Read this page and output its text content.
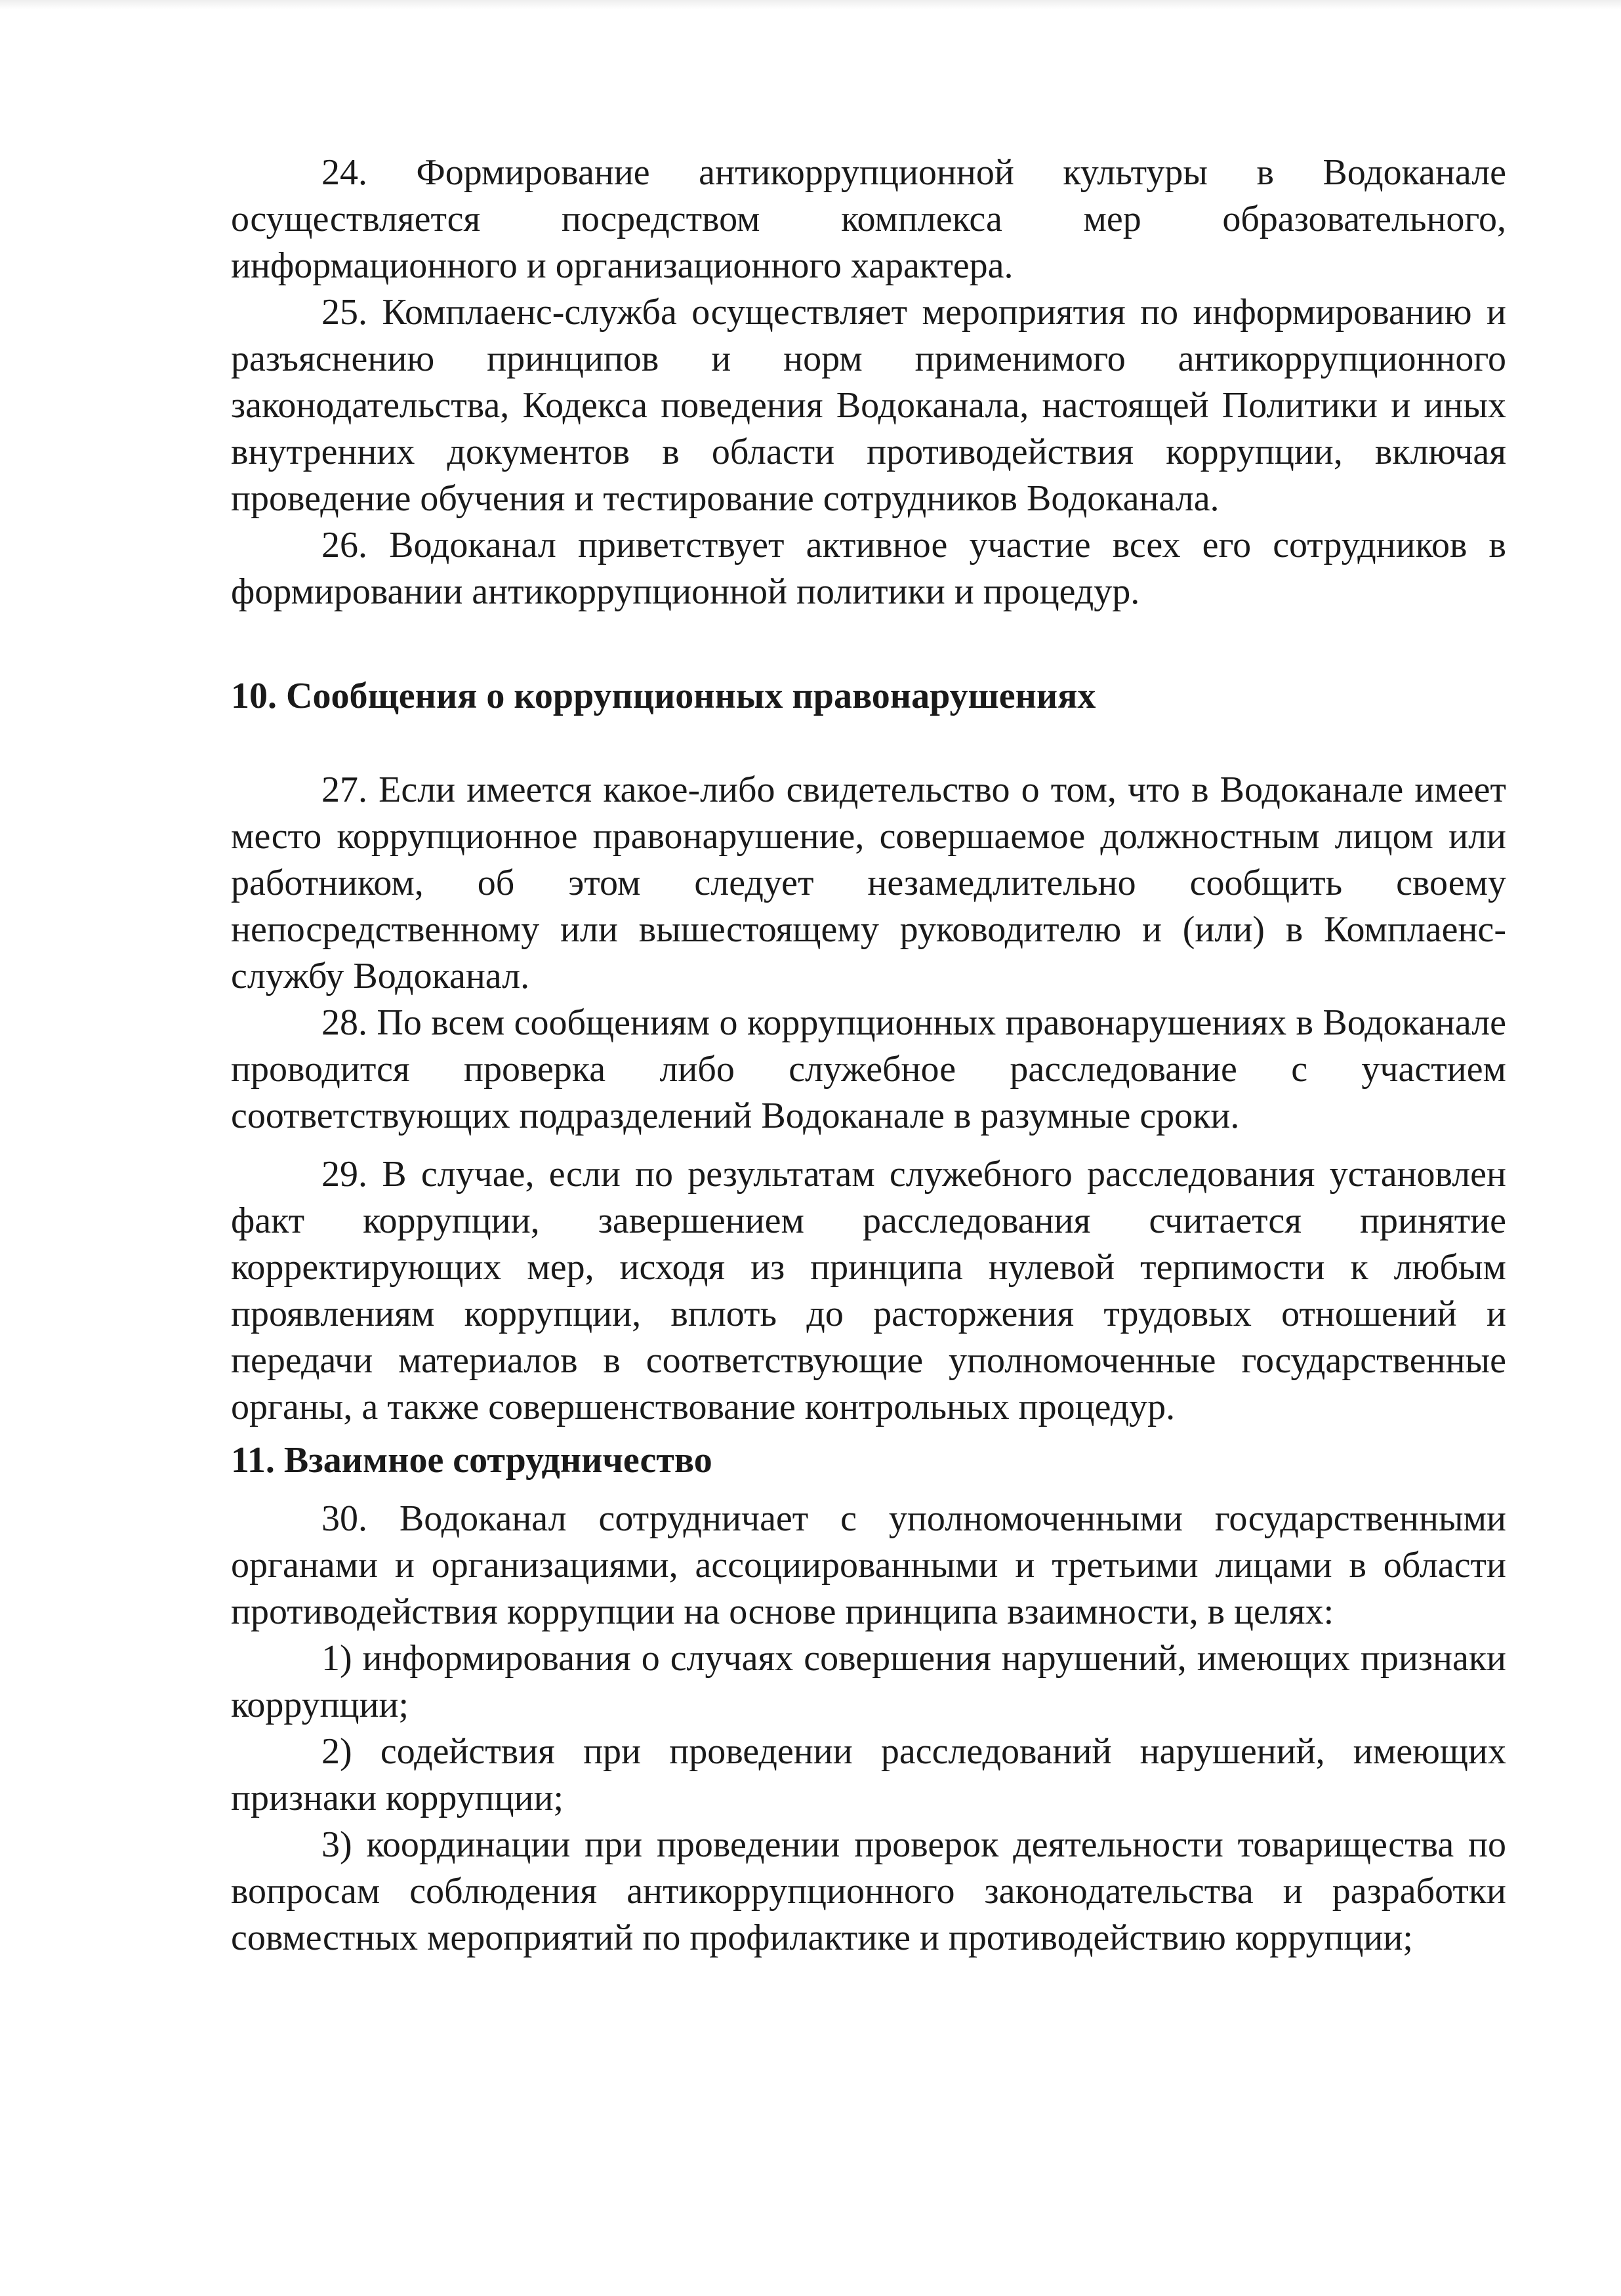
24. Формирование антикоррупционной культуры в Водоканале осуществляется посредством комплекса мер образовательного, информационного и организационного характера.

25. Комплаенс-служба осуществляет мероприятия по информированию и разъяснению принципов и норм применимого антикоррупционного законодательства, Кодекса поведения Водоканала, настоящей Политики и иных внутренних документов в области противодействия коррупции, включая проведение обучения и тестирование сотрудников Водоканала.

26. Водоканал приветствует активное участие всех его сотрудников в формировании антикоррупционной политики и процедур.

10. Сообщения о коррупционных правонарушениях

27. Если имеется какое-либо свидетельство о том, что в Водоканале имеет место коррупционное правонарушение, совершаемое должностным лицом или работником, об этом следует незамедлительно сообщить своему непосредственному или вышестоящему руководителю и (или) в Комплаенс-службу Водоканал.

28. По всем сообщениям о коррупционных правонарушениях в Водоканале проводится проверка либо служебное расследование с участием соответствующих подразделений Водоканале в разумные сроки.

29. В случае, если по результатам служебного расследования установлен факт коррупции, завершением расследования считается принятие корректирующих мер, исходя из принципа нулевой терпимости к любым проявлениям коррупции, вплоть до расторжения трудовых отношений и передачи материалов в соответствующие уполномоченные государственные органы, а также совершенствование контрольных процедур.

11. Взаимное сотрудничество

30. Водоканал сотрудничает с уполномоченными государственными органами и организациями, ассоциированными и третьими лицами в области противодействия коррупции на основе принципа взаимности, в целях:

1) информирования о случаях совершения нарушений, имеющих признаки коррупции;

2) содействия при проведении расследований нарушений, имеющих признаки коррупции;

3) координации при проведении проверок деятельности товарищества по вопросам соблюдения антикоррупционного законодательства и разработки совместных мероприятий по профилактике и противодействию коррупции;
